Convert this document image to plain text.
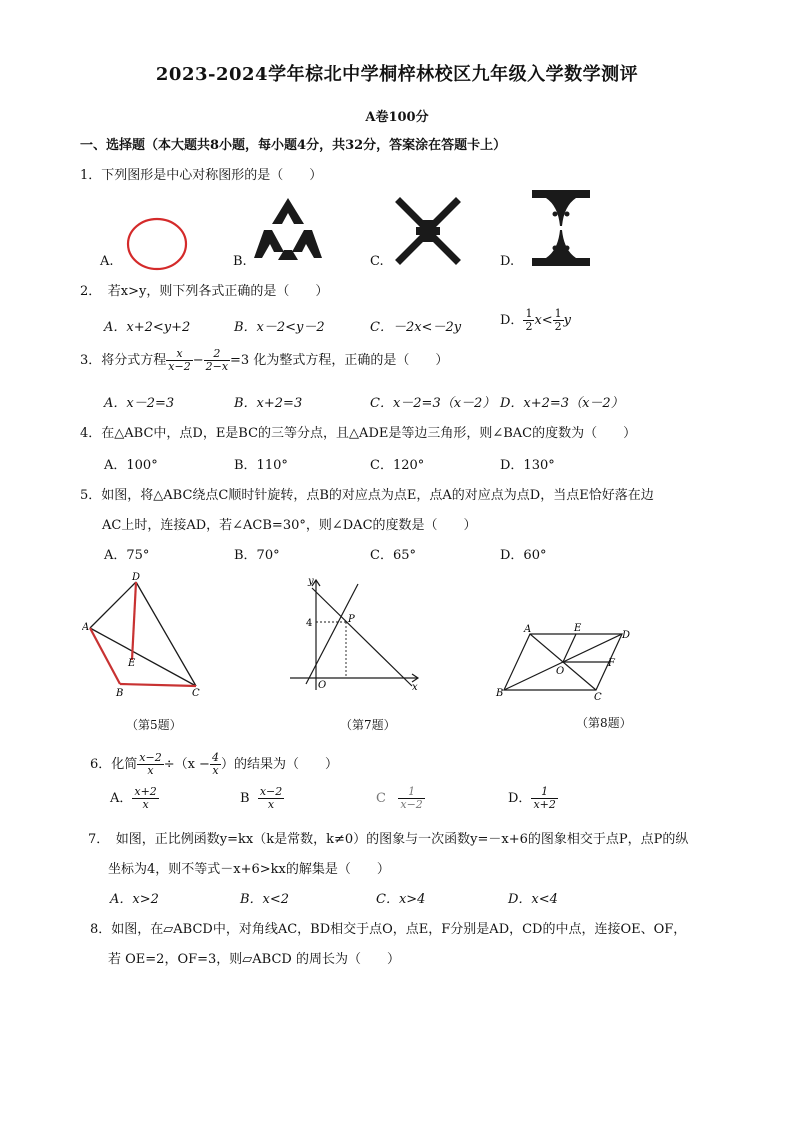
2023-2024学年棕北中学桐梓林校区九年级入学数学测评
A卷100分
一、选择题（本大题共8小题，每小题4分，共32分，答案涂在答题卡上）
1．下列图形是中心对称图形的是（　　）
A.	B.	C.	D.
2．　若x>y，则下列各式正确的是（　　）
A．x+2<y+2	B．x－2<y－2	C．－2x<－2y	D． $\frac{1}{2} x< \frac{1}{2}$ y
3．将分式方程 $\frac{x}{x-2} - \frac{2}{2-x} =3$ 化为整式方程，正确的是（　　）
A．x－2=3	B．x+2=3	C．x－2=3（x－2） D．x+2=3（x－2）
4．在△ABC中，点D，E是BC的三等分点，且△ADE是等边三角形，则∠BAC的度数为（　　）
A．100°	B．110°	C．120°	D．130°
5．如图，将△ABC绕点C顺时针旋转，点B的对应点为点E，点A的对应点为点D，当点E恰好落在边
AC上时，连接AD，若∠ACB=30°，则∠DAC的度数是（　　）
A．75°	B．70°	C．65°	D．60°
D
A
E
B	C
（第5题）
y
4	P
O	x
（第7题）
A	E
D
F
O
B	C
（第8题）
6．化简 $\frac{x-2}{x} \div(x - \frac{4}{x}$ ）的结果为（　　）
A． $\frac{x+2}{x}$	B $\frac{x-2}{x}$	C $\frac{1}{x-2}$	D． $\frac{1}{x+2}$
7．　如图，正比例函数y=kx（k是常数，k≠0）的图象与一次函数y=－x+6的图象相交于点P，点P的纵
坐标为4，则不等式－x+6>kx的解集是（　　）
A．x>2	B．x<2	C．x>4	D．x<4
8．如图，在▱ABCD中，对角线AC，BD相交于点O，点E，F分别是AD，CD的中点，连接OE、OF，
若 OE=2，OF=3，则▱ABCD 的周长为（　　）
